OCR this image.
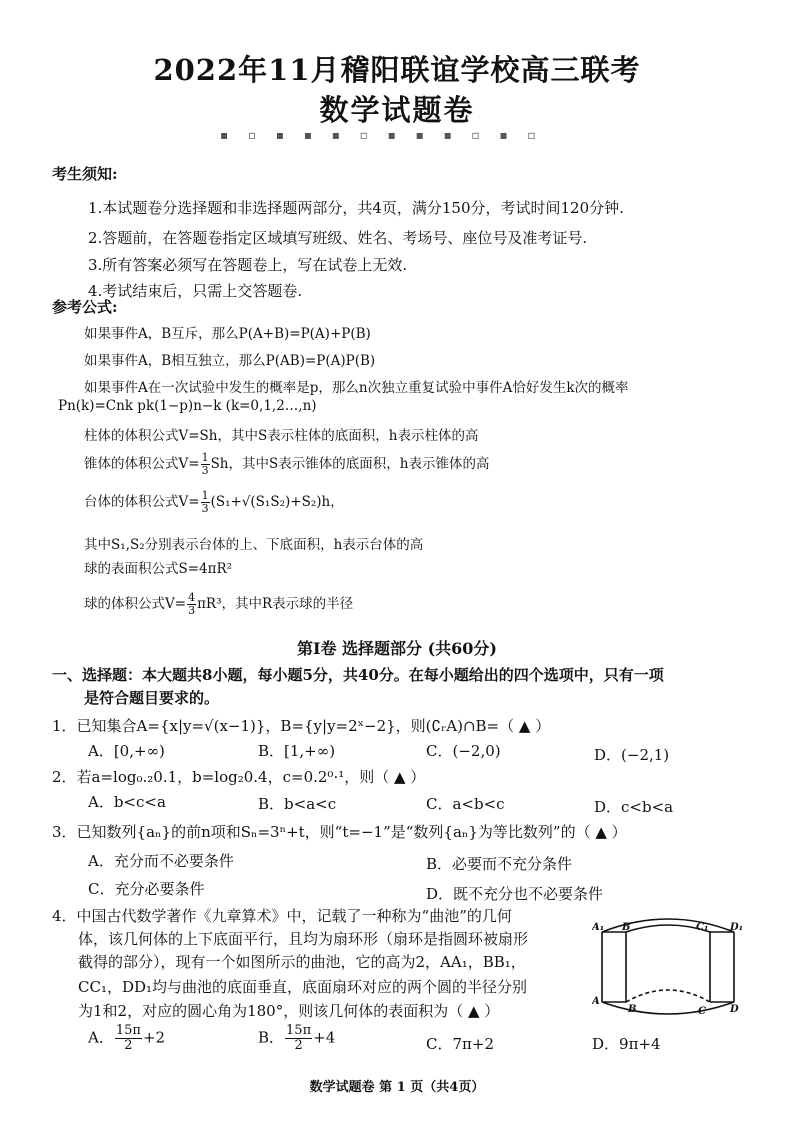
2022年11月稽阳联谊学校高三联考
数学试题卷
▪ ▫ ▪ ▪ ▪ ▫ ▪ ▪ ▪ ▫ ▪ ▫
考生须知:
1.本试题卷分选择题和非选择题两部分，共4页，满分150分，考试时间120分钟.
2.答题前，在答题卷指定区域填写班级、姓名、考场号、座位号及准考证号.
3.所有答案必须写在答题卷上，写在试卷上无效.
4.考试结束后，只需上交答题卷.
参考公式:
如果事件A，B互斥，那么P(A+B)=P(A)+P(B)
如果事件A，B相互独立，那么P(AB)=P(A)P(B)
如果事件A在一次试验中发生的概率是p，那么n次独立重复试验中事件A恰好发生k次的概率
Pn(k)=Cnk pk(1−p)n−k (k=0,1,2…,n)
柱体的体积公式V=Sh，其中S表示柱体的底面积，h表示柱体的高
锥体的体积公式$V= \frac{1}{3}$ Sh，其中S表示锥体的底面积，h表示锥体的高
台体的体积公式$V= \frac{1}{3} (S_1+√(S_1S_2)+S_2)h$，
其中S₁,S₂分别表示台体的上、下底面积，h表示台体的高
球的表面积公式S=4πR²
球的体积公式$V= \frac{4}{3} \pi R^3$，其中R表示球的半径
第Ⅰ卷 选择题部分 (共60分)
一、选择题：本大题共8小题，每小题5分，共40分。在每小题给出的四个选项中，只有一项
是符合题目要求的。
1．已知集合A={x|y=√(x−1)}，B={y|y=2ˣ−2}，则(∁ᵣA)∩B=（ ▲ ）
A．[0,+∞)	B．[1,+∞)	C．(−2,0)	D．(−2,1)
2．若a=log₀.₂0.1，b=log₂0.4，c=0.2⁰·¹，则（ ▲ ）
A．b<c<a	B．b<a<c	C．a<b<c	D．c<b<a
3．已知数列{aₙ}的前n项和Sₙ=3ⁿ+t，则“t=−1”是“数列{aₙ}为等比数列”的（ ▲ ）
A．充分而不必要条件	B．必要而不充分条件
C．充分必要条件	D．既不充分也不必要条件
4．中国古代数学著作《九章算术》中，记载了一种称为“曲池”的几何
体，该几何体的上下底面平行，且均为扇环形（扇环是指圆环被扇形
截得的部分），现有一个如图所示的曲池，它的高为2，AA₁，BB₁，
CC₁，DD₁均与曲池的底面垂直，底面扇环对应的两个圆的半径分别
为1和2，对应的圆心角为180°，则该几何体的表面积为（ ▲ ）
A． $\frac{15\pi}{2} +2$	B． $\frac{15\pi}{2} +4$	C．7π+2	D．9π+4
A₁ B	C₁ D₁
A
B	C D
数学试题卷 第 1 页（共4页）
